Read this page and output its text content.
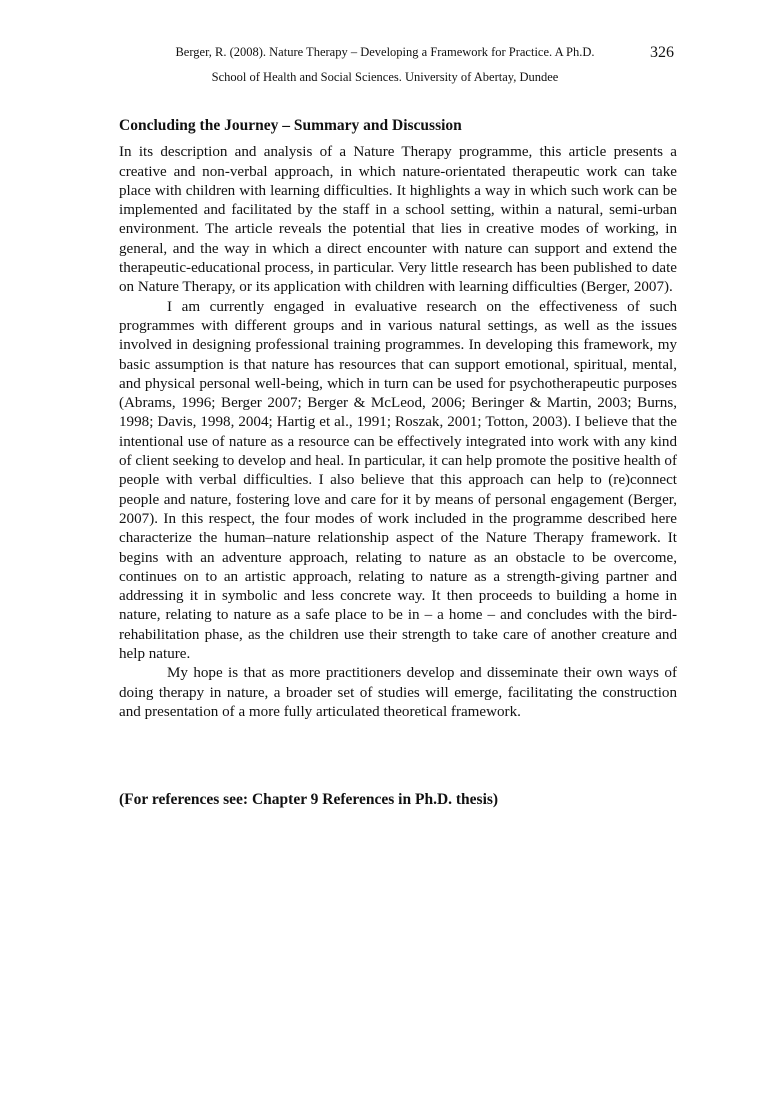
Berger, R. (2008). Nature Therapy – Developing a Framework for Practice. A Ph.D.
School of Health and Social Sciences. University of Abertay, Dundee
326
Concluding the Journey – Summary and Discussion

In its description and analysis of a Nature Therapy programme, this article presents a creative and non-verbal approach, in which nature-orientated therapeutic work can take place with children with learning difficulties. It highlights a way in which such work can be implemented and facilitated by the staff in a school setting, within a natural, semi-urban environment. The article reveals the potential that lies in creative modes of working, in general, and the way in which a direct encounter with nature can support and extend the therapeutic-educational process, in particular. Very little research has been published to date on Nature Therapy, or its application with children with learning difficulties (Berger, 2007).

I am currently engaged in evaluative research on the effectiveness of such programmes with different groups and in various natural settings, as well as the issues involved in designing professional training programmes. In developing this framework, my basic assumption is that nature has resources that can support emotional, spiritual, mental, and physical personal well-being, which in turn can be used for psychotherapeutic purposes (Abrams, 1996; Berger 2007; Berger & McLeod, 2006; Beringer & Martin, 2003; Burns, 1998; Davis, 1998, 2004; Hartig et al., 1991; Roszak, 2001; Totton, 2003). I believe that the intentional use of nature as a resource can be effectively integrated into work with any kind of client seeking to develop and heal. In particular, it can help promote the positive health of people with verbal difficulties. I also believe that this approach can help to (re)connect people and nature, fostering love and care for it by means of personal engagement (Berger, 2007). In this respect, the four modes of work included in the programme described here characterize the human–nature relationship aspect of the Nature Therapy framework. It begins with an adventure approach, relating to nature as an obstacle to be overcome, continues on to an artistic approach, relating to nature as a strength-giving partner and addressing it in symbolic and less concrete way. It then proceeds to building a home in nature, relating to nature as a safe place to be in – a home – and concludes with the bird-rehabilitation phase, as the children use their strength to take care of another creature and help nature.

My hope is that as more practitioners develop and disseminate their own ways of doing therapy in nature, a broader set of studies will emerge, facilitating the construction and presentation of a more fully articulated theoretical framework.

(For references see: Chapter 9 References in Ph.D. thesis)
